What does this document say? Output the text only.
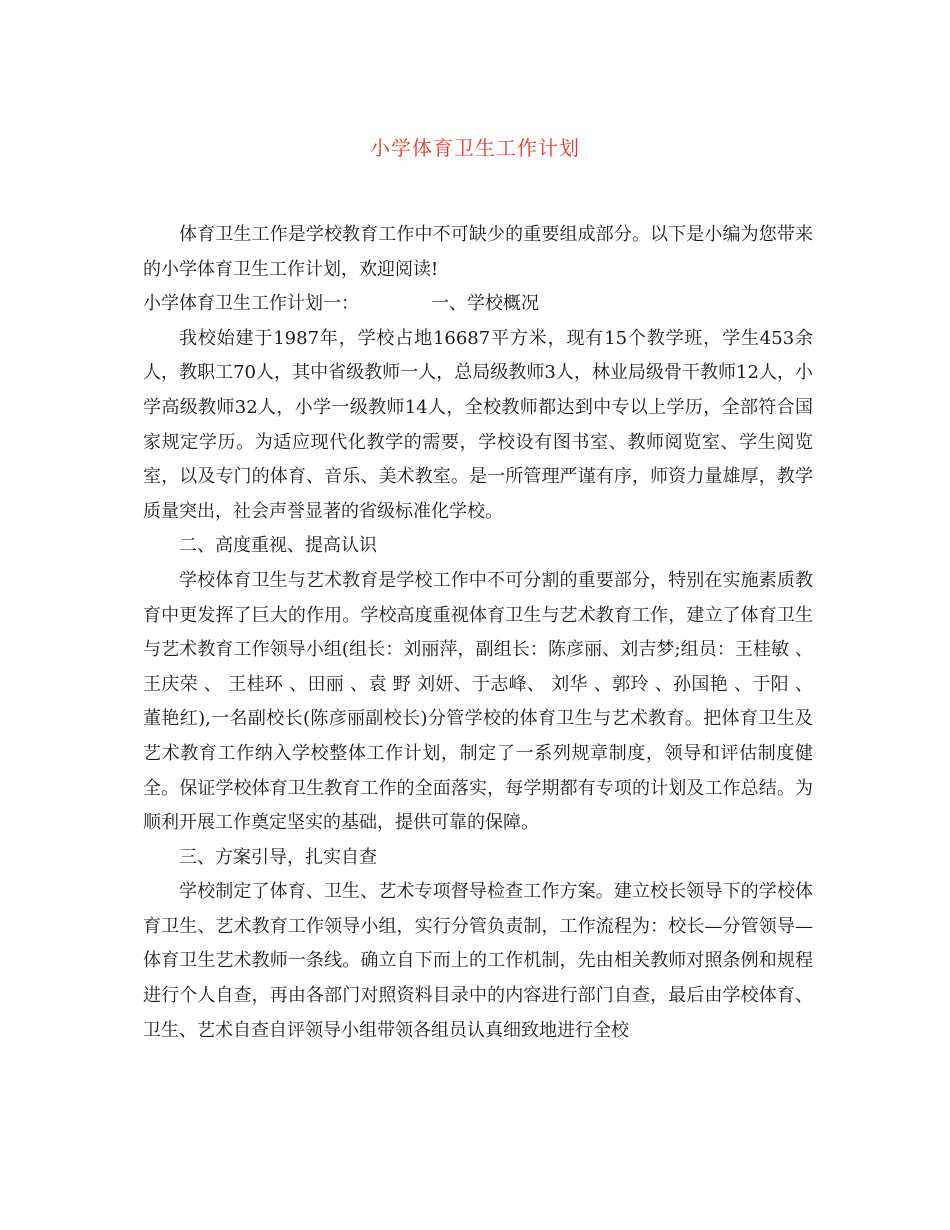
小学体育卫生工作计划

体育卫生工作是学校教育工作中不可缺少的重要组成部分。以下是小编为您带来的小学体育卫生工作计划，欢迎阅读!

小学体育卫生工作计划一：	一、学校概况

我校始建于1987年，学校占地16687平方米，现有15个教学班，学生453余人，教职工70人，其中省级教师一人，总局级教师3人，林业局级骨干教师12人，小学高级教师32人，小学一级教师14人，全校教师都达到中专以上学历，全部符合国家规定学历。为适应现代化教学的需要，学校设有图书室、教师阅览室、学生阅览室，以及专门的体育、音乐、美术教室。是一所管理严谨有序，师资力量雄厚，教学质量突出，社会声誉显著的省级标准化学校。

二、高度重视、提高认识

学校体育卫生与艺术教育是学校工作中不可分割的重要部分，特别在实施素质教育中更发挥了巨大的作用。学校高度重视体育卫生与艺术教育工作，建立了体育卫生与艺术教育工作领导小组(组长：刘丽萍，副组长：陈彦丽、刘吉梦;组员：王桂敏 、 王庆荣 、 王桂环 、田丽 、袁 野 刘妍、于志峰、 刘华 、郭玲 、孙国艳 、于阳 、 董艳红),一名副校长(陈彦丽副校长)分管学校的体育卫生与艺术教育。把体育卫生及艺术教育工作纳入学校整体工作计划，制定了一系列规章制度，领导和评估制度健全。保证学校体育卫生教育工作的全面落实，每学期都有专项的计划及工作总结。为顺利开展工作奠定坚实的基础，提供可靠的保障。

三、方案引导，扎实自查

学校制定了体育、卫生、艺术专项督导检查工作方案。建立校长领导下的学校体育卫生、艺术教育工作领导小组，实行分管负责制，工作流程为：校长—分管领导—体育卫生艺术教师一条线。确立自下而上的工作机制，先由相关教师对照条例和规程进行个人自查，再由各部门对照资料目录中的内容进行部门自查，最后由学校体育、卫生、艺术自查自评领导小组带领各组员认真细致地进行全校
